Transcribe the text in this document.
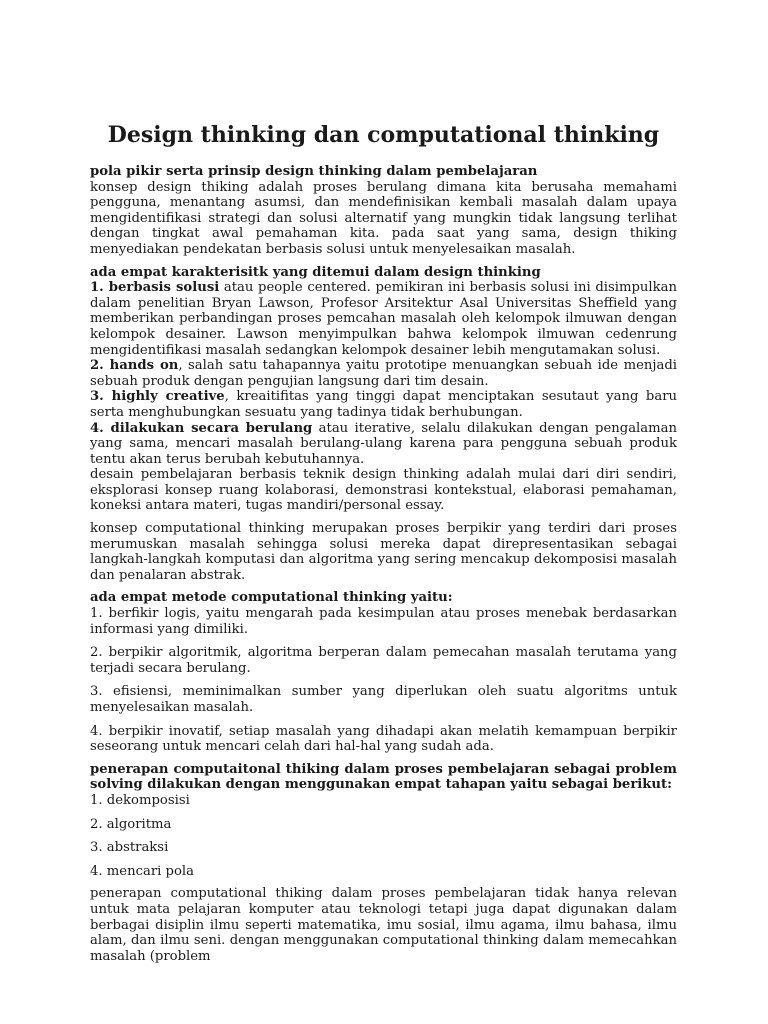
Design thinking dan computational thinking
pola pikir serta prinsip design thinking dalam pembelajaran
konsep design thiking adalah proses berulang dimana kita berusaha memahami pengguna, menantang asumsi, dan mendefinisikan kembali masalah dalam upaya mengidentifikasi strategi dan solusi alternatif yang mungkin tidak langsung terlihat dengan tingkat awal pemahaman kita. pada saat yang sama, design thiking menyediakan pendekatan berbasis solusi untuk menyelesaikan masalah.
ada empat karakterisitk yang ditemui dalam design thinking
1. berbasis solusi atau people centered. pemikiran ini berbasis solusi ini disimpulkan dalam penelitian Bryan Lawson, Profesor Arsitektur Asal Universitas Sheffield yang memberikan perbandingan proses pemcahan masalah oleh kelompok ilmuwan dengan kelompok desainer. Lawson menyimpulkan bahwa kelompok ilmuwan cedenrung mengidentifikasi masalah sedangkan kelompok desainer lebih mengutamakan solusi.
2. hands on, salah satu tahapannya yaitu prototipe menuangkan sebuah ide menjadi sebuah produk dengan pengujian langsung dari tim desain.
3. highly creative, kreaitifitas yang tinggi dapat menciptakan sesutaut yang baru serta menghubungkan sesuatu yang tadinya tidak berhubungan.
4. dilakukan secara berulang atau iterative, selalu dilakukan dengan pengalaman yang sama, mencari masalah berulang-ulang karena para pengguna sebuah produk tentu akan terus berubah kebutuhannya.
desain pembelajaran berbasis teknik design thinking adalah mulai dari diri sendiri, eksplorasi konsep ruang kolaborasi, demonstrasi kontekstual, elaborasi pemahaman, koneksi antara materi, tugas mandiri/personal essay.
konsep computational thinking merupakan proses berpikir yang terdiri dari proses merumuskan masalah sehingga solusi mereka dapat direpresentasikan sebagai langkah-langkah komputasi dan algoritma yang sering mencakup dekomposisi masalah dan penalaran abstrak.
ada empat metode computational thinking yaitu:
1. berfikir logis, yaitu mengarah pada kesimpulan atau proses menebak berdasarkan informasi yang dimiliki.
2. berpikir algoritmik, algoritma berperan dalam pemecahan masalah terutama yang terjadi secara berulang.
3. efisiensi, meminimalkan sumber yang diperlukan oleh suatu algoritms untuk menyelesaikan masalah.
4. berpikir inovatif, setiap masalah yang dihadapi akan melatih kemampuan berpikir seseorang untuk mencari celah dari hal-hal yang sudah ada.
penerapan computaitonal thiking dalam proses pembelajaran sebagai problem solving dilakukan dengan menggunakan empat tahapan yaitu sebagai berikut:
1. dekomposisi
2. algoritma
3. abstraksi
4. mencari pola
penerapan computational thiking dalam proses pembelajaran tidak hanya relevan untuk mata pelajaran komputer atau teknologi tetapi juga dapat digunakan dalam berbagai disiplin ilmu seperti matematika, imu sosial, ilmu agama, ilmu bahasa, ilmu alam, dan ilmu seni. dengan menggunakan computational thinking dalam memecahkan masalah (problem
